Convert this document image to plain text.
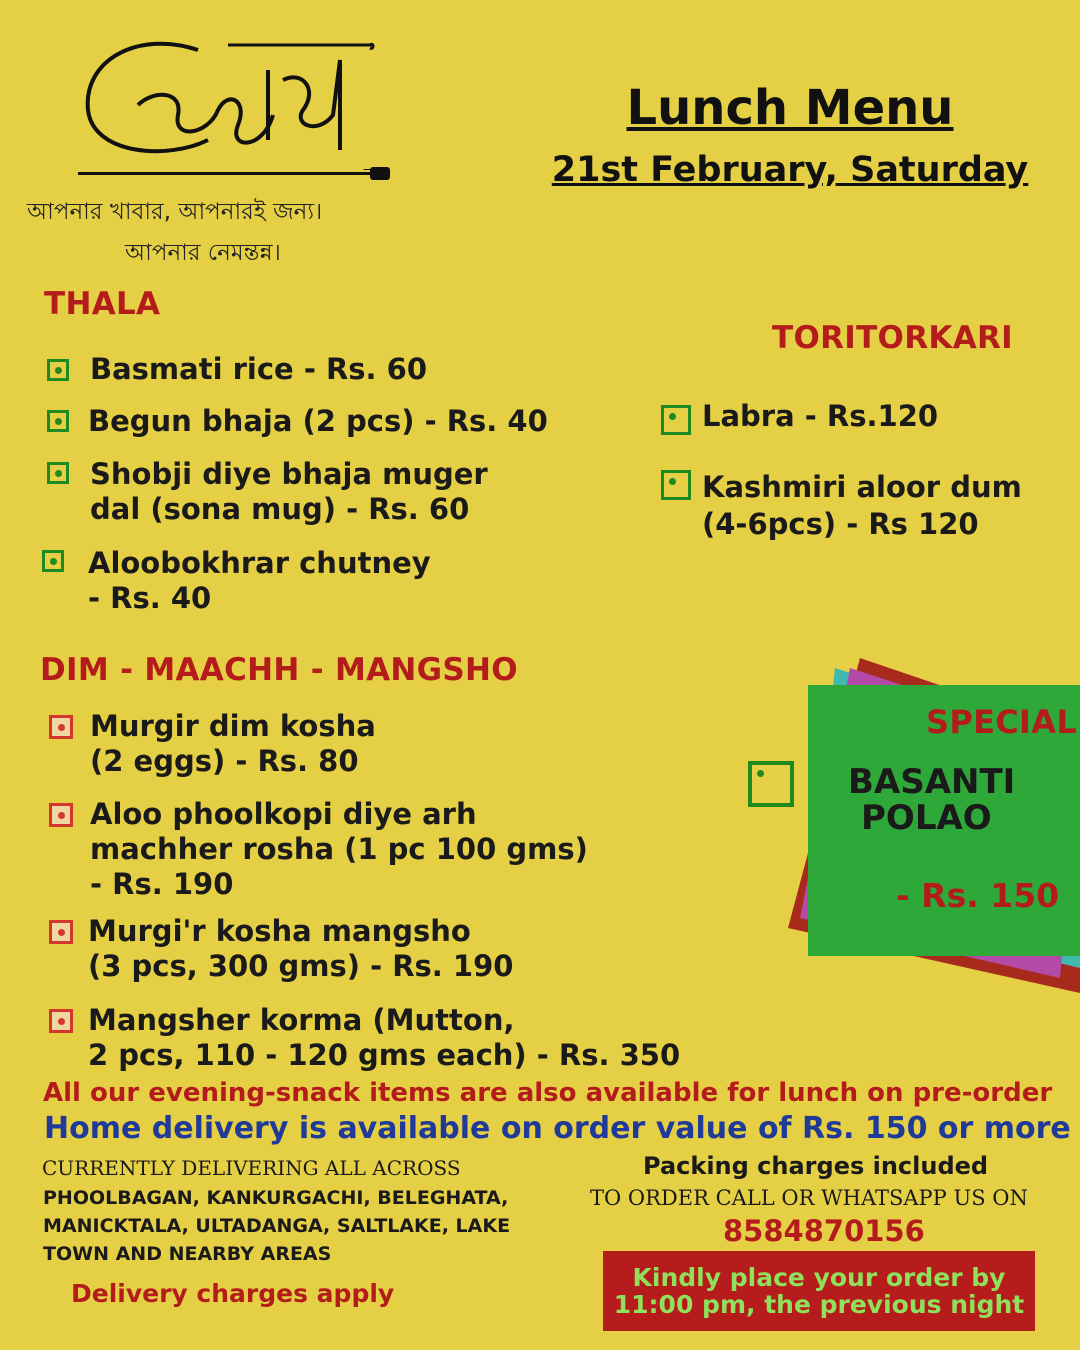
আপনার খাবার, আপনারই জন্য।
আপনার নেমন্তন্ন।
Lunch Menu
21st February, Saturday
THALA
Basmati rice - Rs. 60
Begun bhaja (2 pcs) - Rs. 40
Shobji diye bhaja muger
dal (sona mug) - Rs. 60
Aloobokhrar chutney
- Rs. 40
TORITORKARI
Labra - Rs.120
Kashmiri aloor dum
(4-6pcs) - Rs 120
DIM - MAACHH - MANGSHO
Murgir dim kosha
(2 eggs) - Rs. 80
Aloo phoolkopi diye arh
machher rosha (1 pc 100 gms)
- Rs. 190
Murgi'r kosha mangsho
(3 pcs, 300 gms) - Rs. 190
Mangsher korma (Mutton,
2 pcs, 110 - 120 gms each) - Rs. 350
SPECIAL
BASANTI
POLAO
- Rs. 150
All our evening-snack items are also available for lunch on pre-order
Home delivery is available on order value of Rs. 150 or more
CURRENTLY DELIVERING ALL ACROSS
PHOOLBAGAN, KANKURGACHI, BELEGHATA,
MANICKTALA, ULTADANGA, SALTLAKE, LAKE
TOWN AND NEARBY AREAS
Delivery charges apply
Packing charges included
TO ORDER CALL OR WHATSAPP US ON
8584870156
Kindly place your order by
11:00 pm, the previous night
